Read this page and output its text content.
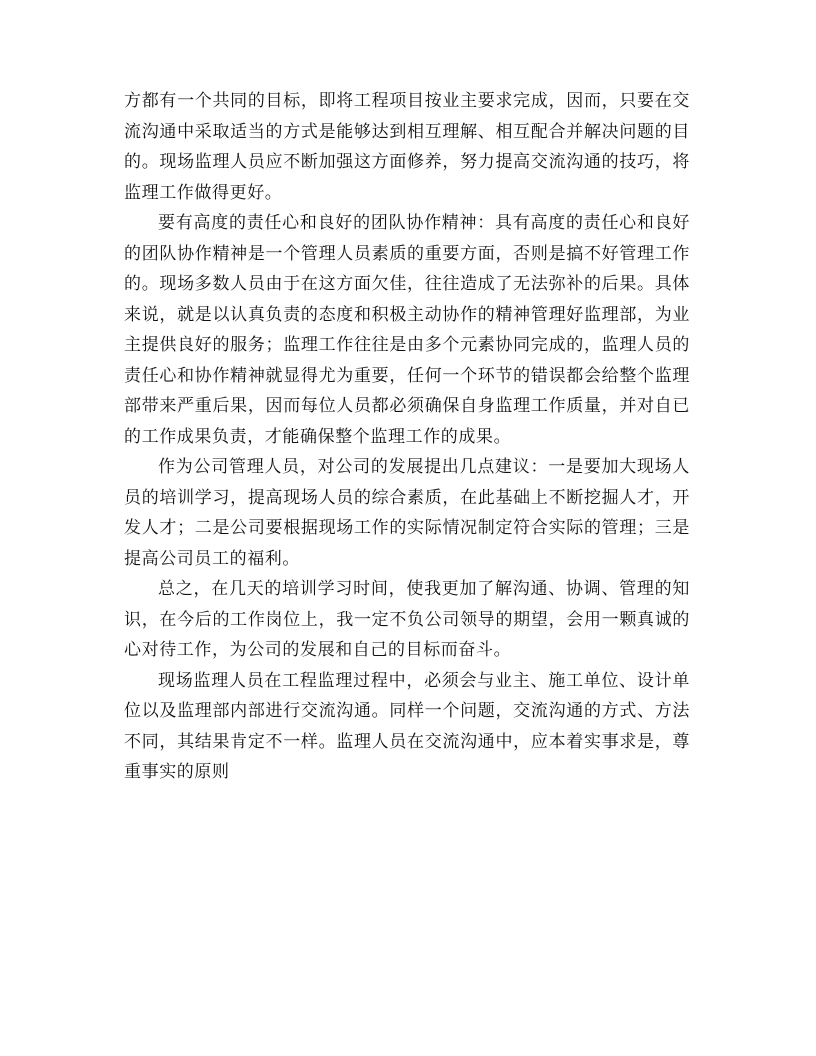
方都有一个共同的目标，即将工程项目按业主要求完成，因而，只要在交流沟通中采取适当的方式是能够达到相互理解、相互配合并解决问题的目的。现场监理人员应不断加强这方面修养，努力提高交流沟通的技巧，将监理工作做得更好。

要有高度的责任心和良好的团队协作精神：具有高度的责任心和良好的团队协作精神是一个管理人员素质的重要方面，否则是搞不好管理工作的。现场多数人员由于在这方面欠佳，往往造成了无法弥补的后果。具体来说，就是以认真负责的态度和积极主动协作的精神管理好监理部，为业主提供良好的服务；监理工作往往是由多个元素协同完成的，监理人员的责任心和协作精神就显得尤为重要，任何一个环节的错误都会给整个监理部带来严重后果，因而每位人员都必须确保自身监理工作质量，并对自已的工作成果负责，才能确保整个监理工作的成果。

作为公司管理人员，对公司的发展提出几点建议：一是要加大现场人员的培训学习，提高现场人员的综合素质，在此基础上不断挖掘人才，开发人才；二是公司要根据现场工作的实际情况制定符合实际的管理；三是提高公司员工的福利。

总之，在几天的培训学习时间，使我更加了解沟通、协调、管理的知识，在今后的工作岗位上，我一定不负公司领导的期望，会用一颗真诚的心对待工作，为公司的发展和自己的目标而奋斗。

现场监理人员在工程监理过程中，必须会与业主、施工单位、设计单位以及监理部内部进行交流沟通。同样一个问题，交流沟通的方式、方法不同，其结果肯定不一样。监理人员在交流沟通中，应本着实事求是，尊重事实的原则
